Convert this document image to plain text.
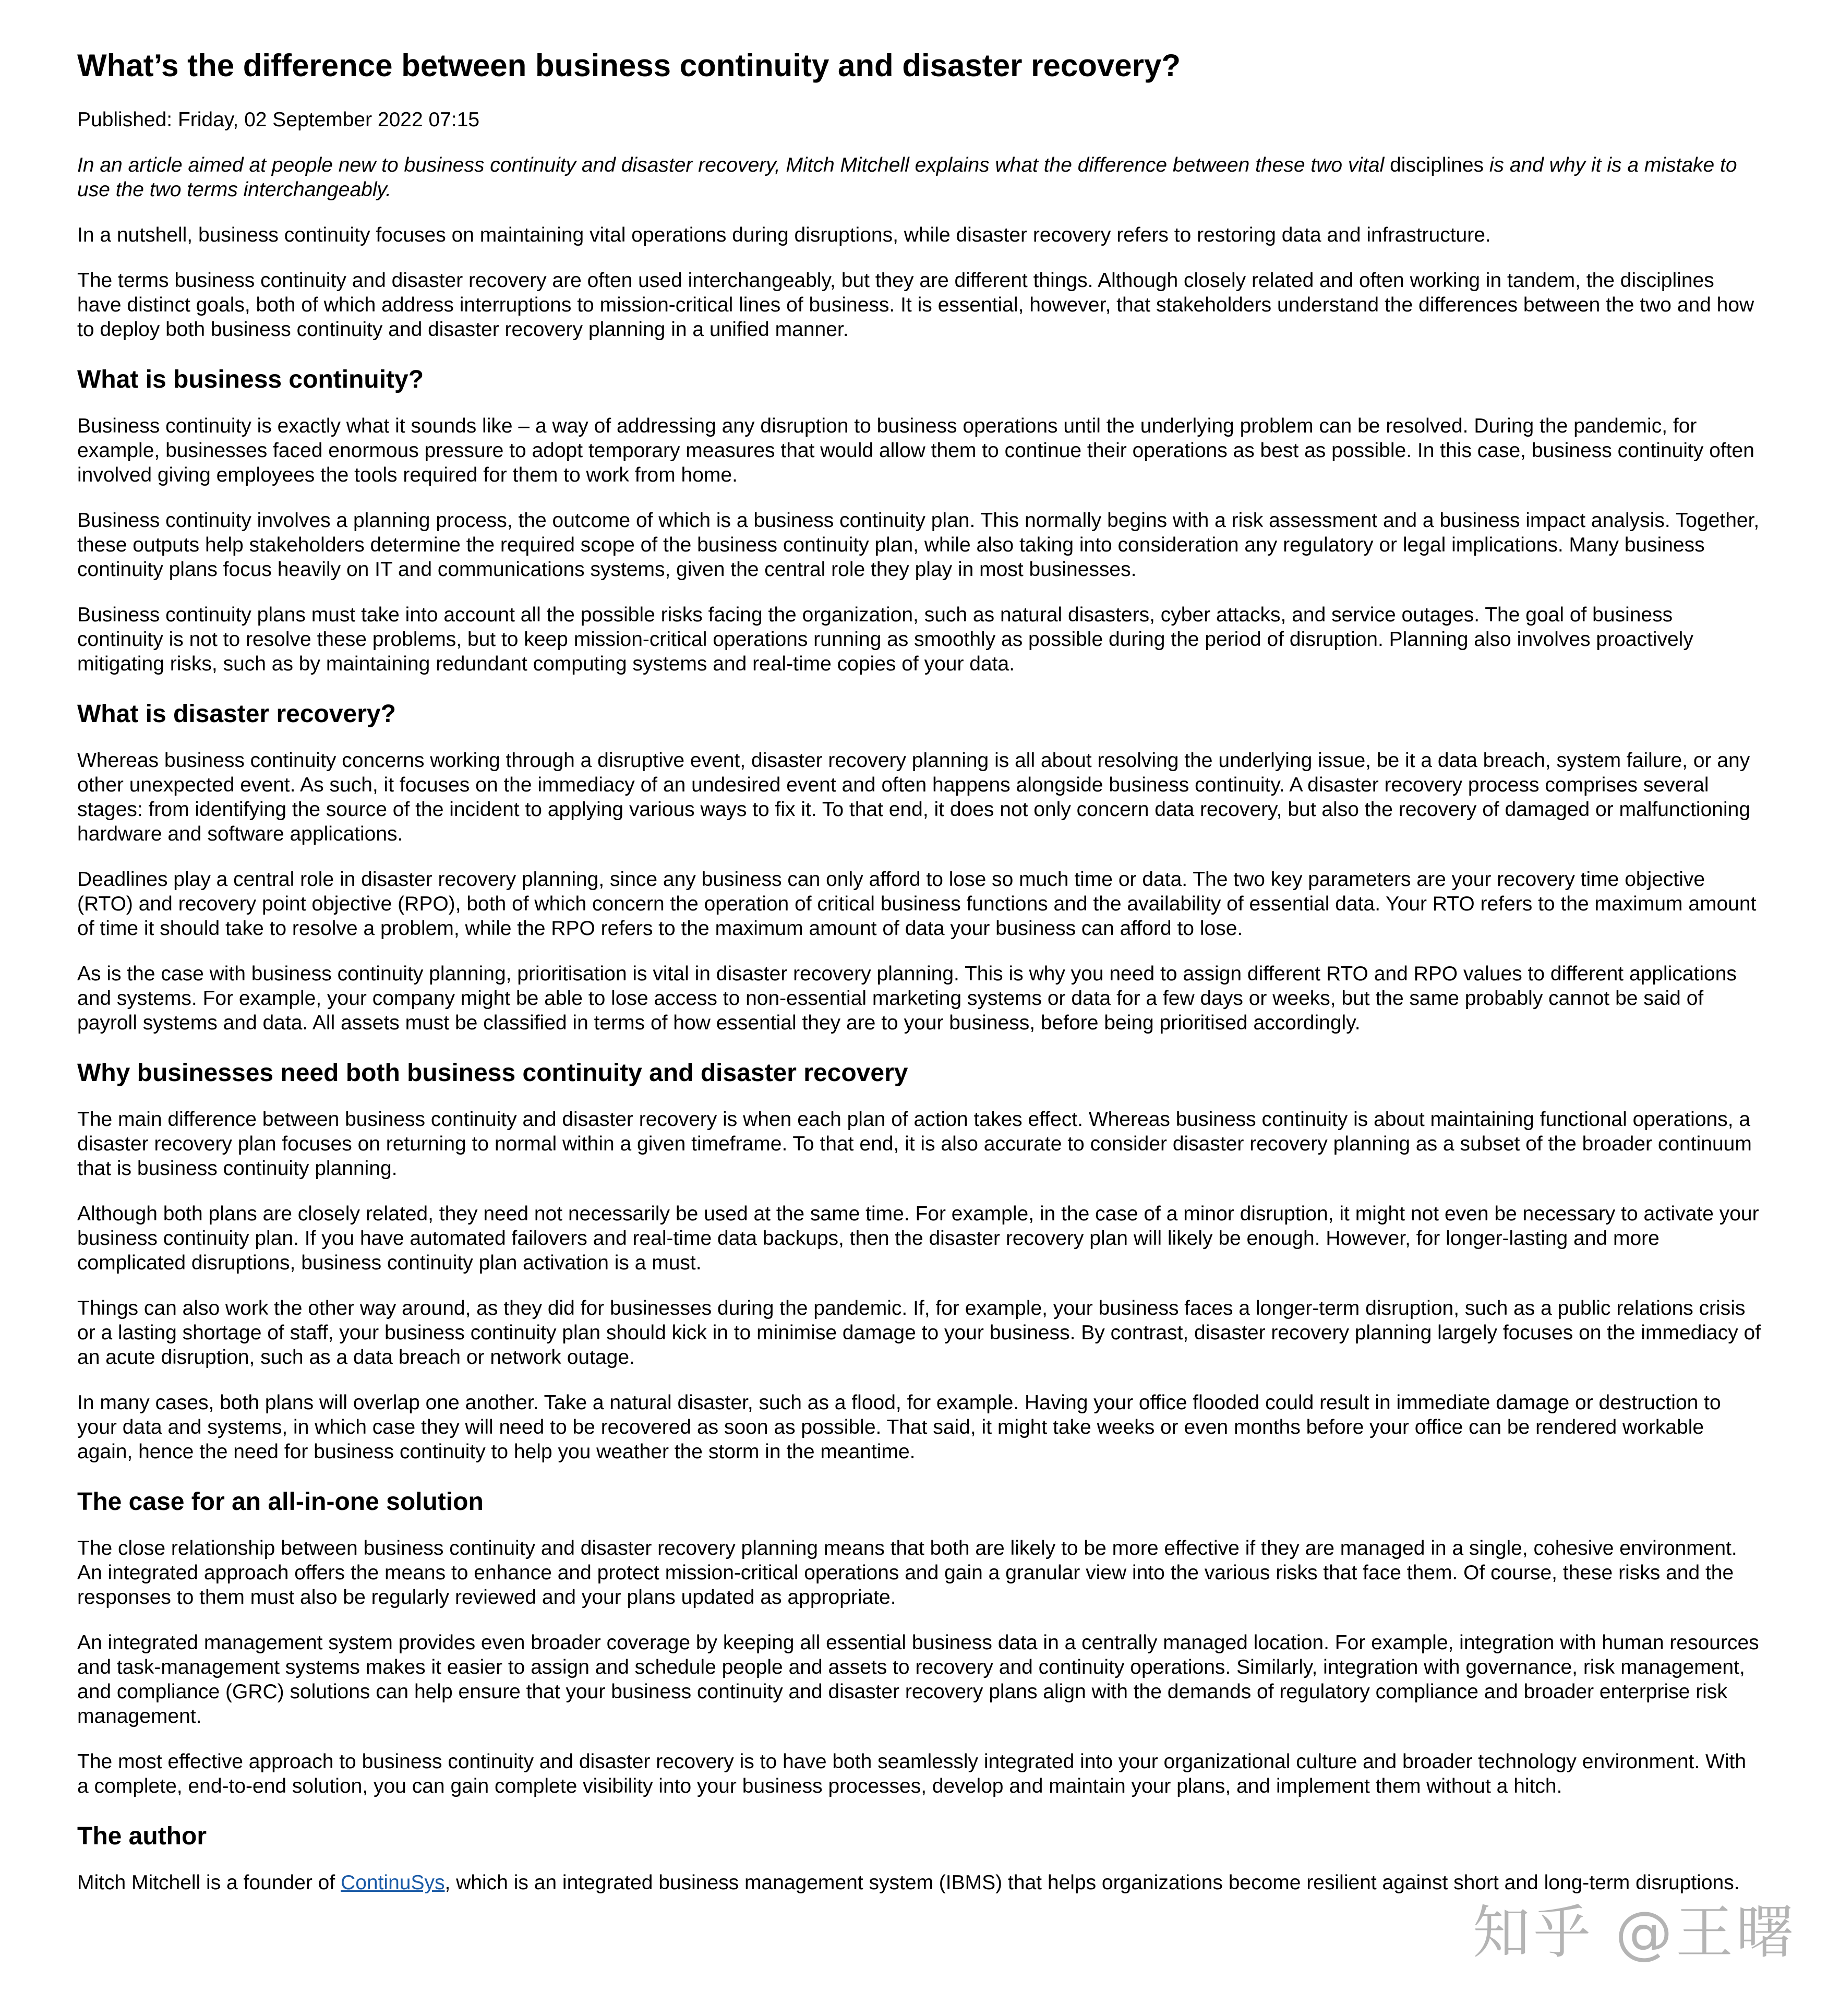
What’s the difference between business continuity and disaster recovery?

Published: Friday, 02 September 2022 07:15

In an article aimed at people new to business continuity and disaster recovery, Mitch Mitchell explains what the difference between these two vital disciplines is and why it is a mistake to use the two terms interchangeably.

In a nutshell, business continuity focuses on maintaining vital operations during disruptions, while disaster recovery refers to restoring data and infrastructure.

The terms business continuity and disaster recovery are often used interchangeably, but they are different things. Although closely related and often working in tandem, the disciplines have distinct goals, both of which address interruptions to mission-critical lines of business. It is essential, however, that stakeholders understand the differences between the two and how to deploy both business continuity and disaster recovery planning in a unified manner.

What is business continuity?

Business continuity is exactly what it sounds like – a way of addressing any disruption to business operations until the underlying problem can be resolved. During the pandemic, for example, businesses faced enormous pressure to adopt temporary measures that would allow them to continue their operations as best as possible. In this case, business continuity often involved giving employees the tools required for them to work from home.

Business continuity involves a planning process, the outcome of which is a business continuity plan. This normally begins with a risk assessment and a business impact analysis. Together, these outputs help stakeholders determine the required scope of the business continuity plan, while also taking into consideration any regulatory or legal implications. Many business continuity plans focus heavily on IT and communications systems, given the central role they play in most businesses.

Business continuity plans must take into account all the possible risks facing the organization, such as natural disasters, cyber attacks, and service outages. The goal of business continuity is not to resolve these problems, but to keep mission-critical operations running as smoothly as possible during the period of disruption. Planning also involves proactively mitigating risks, such as by maintaining redundant computing systems and real-time copies of your data.

What is disaster recovery?

Whereas business continuity concerns working through a disruptive event, disaster recovery planning is all about resolving the underlying issue, be it a data breach, system failure, or any other unexpected event. As such, it focuses on the immediacy of an undesired event and often happens alongside business continuity. A disaster recovery process comprises several stages: from identifying the source of the incident to applying various ways to fix it. To that end, it does not only concern data recovery, but also the recovery of damaged or malfunctioning hardware and software applications.

Deadlines play a central role in disaster recovery planning, since any business can only afford to lose so much time or data. The two key parameters are your recovery time objective (RTO) and recovery point objective (RPO), both of which concern the operation of critical business functions and the availability of essential data. Your RTO refers to the maximum amount of time it should take to resolve a problem, while the RPO refers to the maximum amount of data your business can afford to lose.

As is the case with business continuity planning, prioritisation is vital in disaster recovery planning. This is why you need to assign different RTO and RPO values to different applications and systems. For example, your company might be able to lose access to non-essential marketing systems or data for a few days or weeks, but the same probably cannot be said of payroll systems and data. All assets must be classified in terms of how essential they are to your business, before being prioritised accordingly.

Why businesses need both business continuity and disaster recovery

The main difference between business continuity and disaster recovery is when each plan of action takes effect. Whereas business continuity is about maintaining functional operations, a disaster recovery plan focuses on returning to normal within a given timeframe. To that end, it is also accurate to consider disaster recovery planning as a subset of the broader continuum that is business continuity planning.

Although both plans are closely related, they need not necessarily be used at the same time. For example, in the case of a minor disruption, it might not even be necessary to activate your business continuity plan. If you have automated failovers and real-time data backups, then the disaster recovery plan will likely be enough. However, for longer-lasting and more complicated disruptions, business continuity plan activation is a must.

Things can also work the other way around, as they did for businesses during the pandemic. If, for example, your business faces a longer-term disruption, such as a public relations crisis or a lasting shortage of staff, your business continuity plan should kick in to minimise damage to your business. By contrast, disaster recovery planning largely focuses on the immediacy of an acute disruption, such as a data breach or network outage.

In many cases, both plans will overlap one another. Take a natural disaster, such as a flood, for example. Having your office flooded could result in immediate damage or destruction to your data and systems, in which case they will need to be recovered as soon as possible. That said, it might take weeks or even months before your office can be rendered workable again, hence the need for business continuity to help you weather the storm in the meantime.

The case for an all-in-one solution

The close relationship between business continuity and disaster recovery planning means that both are likely to be more effective if they are managed in a single, cohesive environment. An integrated approach offers the means to enhance and protect mission-critical operations and gain a granular view into the various risks that face them. Of course, these risks and the responses to them must also be regularly reviewed and your plans updated as appropriate.

An integrated management system provides even broader coverage by keeping all essential business data in a centrally managed location. For example, integration with human resources and task-management systems makes it easier to assign and schedule people and assets to recovery and continuity operations. Similarly, integration with governance, risk management, and compliance (GRC) solutions can help ensure that your business continuity and disaster recovery plans align with the demands of regulatory compliance and broader enterprise risk management.

The most effective approach to business continuity and disaster recovery is to have both seamlessly integrated into your organizational culture and broader technology environment. With a complete, end-to-end solution, you can gain complete visibility into your business processes, develop and maintain your plans, and implement them without a hitch.

The author

Mitch Mitchell is a founder of ContinuSys, which is an integrated business management system (IBMS) that helps organizations become resilient against short and long-term disruptions.

知乎 @王曙
